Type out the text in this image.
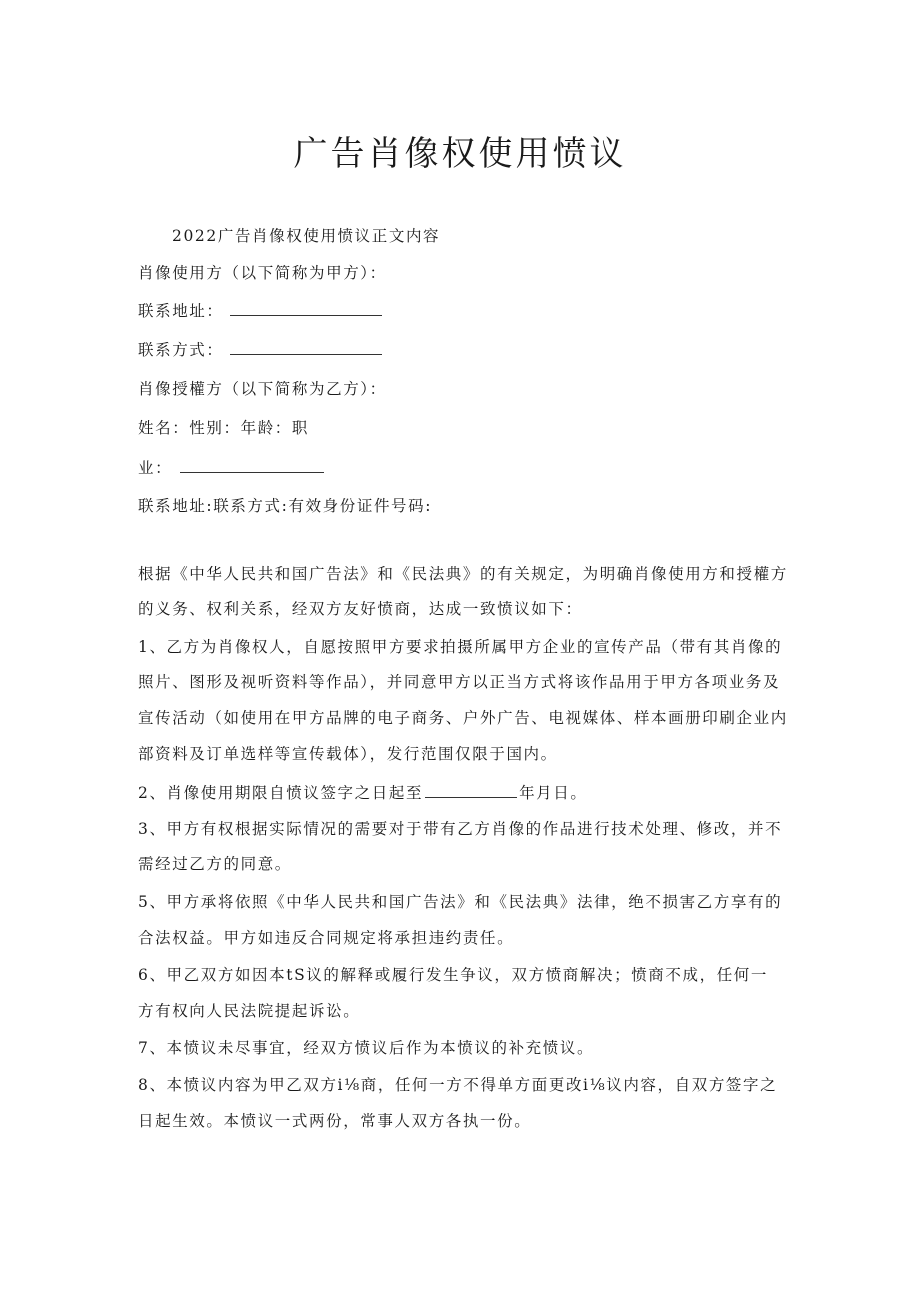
广告肖像权使用愤议
2022广告肖像权使用愤议正文内容
肖像使用方（以下简称为甲方）：
联系地址：
联系方式：
肖像授權方（以下简称为乙方）：
姓名：性别：年龄：职
业：
联系地址:联系方式:有效身份证件号码:
根据《中华人民共和国广告法》和《民法典》的有关规定，为明确肖像使用方和授權方
的义务、权利关系，经双方友好愤商，达成一致愤议如下：
1、乙方为肖像权人，自愿按照甲方要求拍摄所属甲方企业的宣传产品（带有其肖像的
照片、图形及视听资料等作品），并同意甲方以正当方式将该作品用于甲方各项业务及
宣传活动（如使用在甲方品牌的电子商务、户外广告、电视媒体、样本画册印刷企业内
部资料及订单选样等宣传载体），发行范围仅限于国内。
2、肖像使用期限自愤议签字之日起至	年月日。
3、甲方有权根据实际情况的需要对于带有乙方肖像的作品进行技术处理、修改，并不
需经过乙方的同意。
5、甲方承将依照《中华人民共和国广告法》和《民法典》法律，绝不损害乙方享有的
合法权益。甲方如违反合同规定将承担违约责任。
6、甲乙双方如因本tS议的解释或履行发生争议，双方愤商解决；愤商不成，任何一
方有权向人民法院提起诉讼。
7、本愤议未尽事宜，经双方愤议后作为本愤议的补充愤议。
8、本愤议内容为甲乙双方i⅛商，任何一方不得单方面更改i⅛议内容，自双方签字之
日起生效。本愤议一式两份，常事人双方各执一份。
